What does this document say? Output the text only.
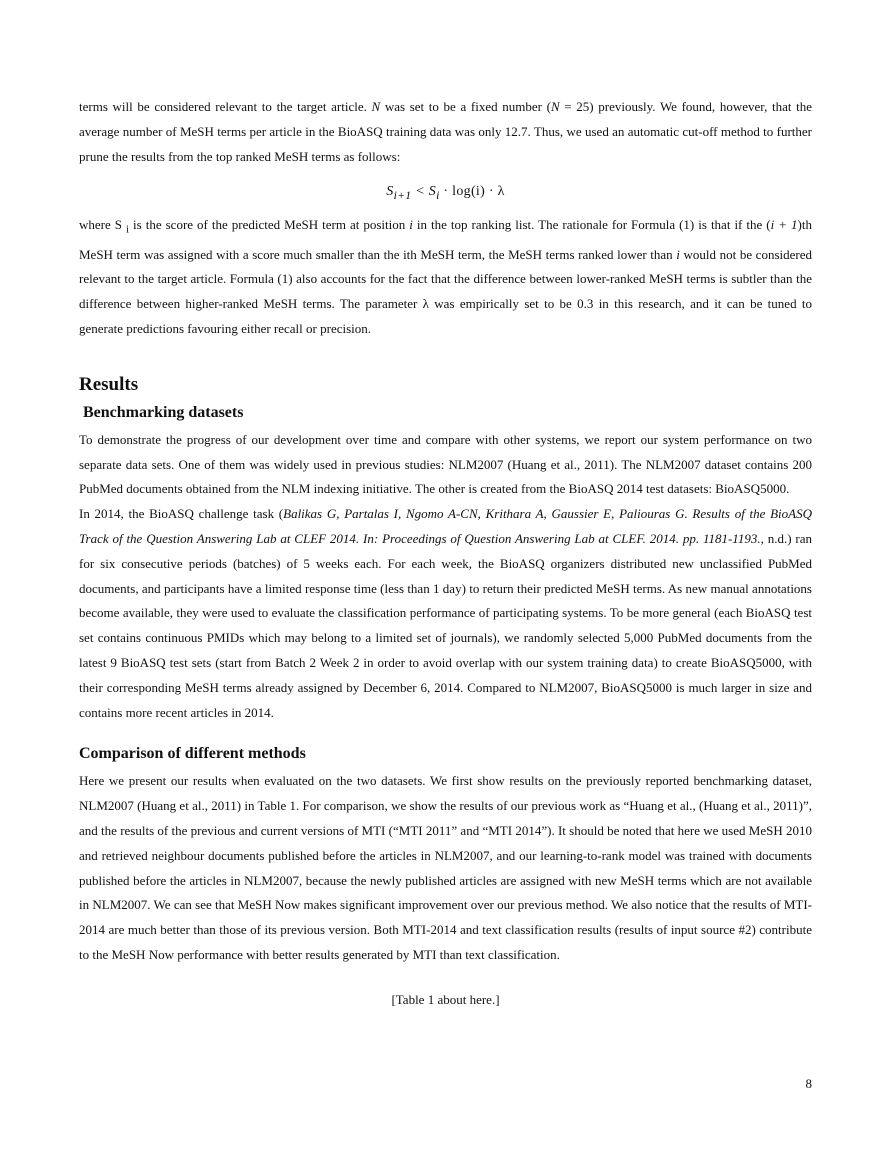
terms will be considered relevant to the target article. N was set to be a fixed number (N = 25) previously. We found, however, that the average number of MeSH terms per article in the BioASQ training data was only 12.7. Thus, we used an automatic cut-off method to further prune the results from the top ranked MeSH terms as follows:

$S_{i+1} < S_i \cdot \log(i) \cdot \lambda$

where S $_i$ is the score of the predicted MeSH term at position i in the top ranking list. The rationale for Formula (1) is that if the (i + 1)th MeSH term was assigned with a score much smaller than the ith MeSH term, the MeSH terms ranked lower than i would not be considered relevant to the target article. Formula (1) also accounts for the fact that the difference between lower-ranked MeSH terms is subtler than the difference between higher-ranked MeSH terms. The parameter λ was empirically set to be 0.3 in this research, and it can be tuned to generate predictions favouring either recall or precision.

Results
Benchmarking datasets

To demonstrate the progress of our development over time and compare with other systems, we report our system performance on two separate data sets. One of them was widely used in previous studies: NLM2007 (Huang et al., 2011). The NLM2007 dataset contains 200 PubMed documents obtained from the NLM indexing initiative. The other is created from the BioASQ 2014 test datasets: BioASQ5000.

In 2014, the BioASQ challenge task (Balikas G, Partalas I, Ngomo A-CN, Krithara A, Gaussier E, Paliouras G. Results of the BioASQ Track of the Question Answering Lab at CLEF 2014. In: Proceedings of Question Answering Lab at CLEF. 2014. pp. 1181-1193., n.d.) ran for six consecutive periods (batches) of 5 weeks each. For each week, the BioASQ organizers distributed new unclassified PubMed documents, and participants have a limited response time (less than 1 day) to return their predicted MeSH terms. As new manual annotations become available, they were used to evaluate the classification performance of participating systems. To be more general (each BioASQ test set contains continuous PMIDs which may belong to a limited set of journals), we randomly selected 5,000 PubMed documents from the latest 9 BioASQ test sets (start from Batch 2 Week 2 in order to avoid overlap with our system training data) to create BioASQ5000, with their corresponding MeSH terms already assigned by December 6, 2014. Compared to NLM2007, BioASQ5000 is much larger in size and contains more recent articles in 2014.

Comparison of different methods

Here we present our results when evaluated on the two datasets. We first show results on the previously reported benchmarking dataset, NLM2007 (Huang et al., 2011) in Table 1. For comparison, we show the results of our previous work as “Huang et al., (Huang et al., 2011)”, and the results of the previous and current versions of MTI (“MTI 2011” and “MTI 2014”). It should be noted that here we used MeSH 2010 and retrieved neighbour documents published before the articles in NLM2007, and our learning-to-rank model was trained with documents published before the articles in NLM2007, because the newly published articles are assigned with new MeSH terms which are not available in NLM2007. We can see that MeSH Now makes significant improvement over our previous method. We also notice that the results of MTI-2014 are much better than those of its previous version. Both MTI-2014 and text classification results (results of input source #2) contribute to the MeSH Now performance with better results generated by MTI than text classification.

[Table 1 about here.]
8
